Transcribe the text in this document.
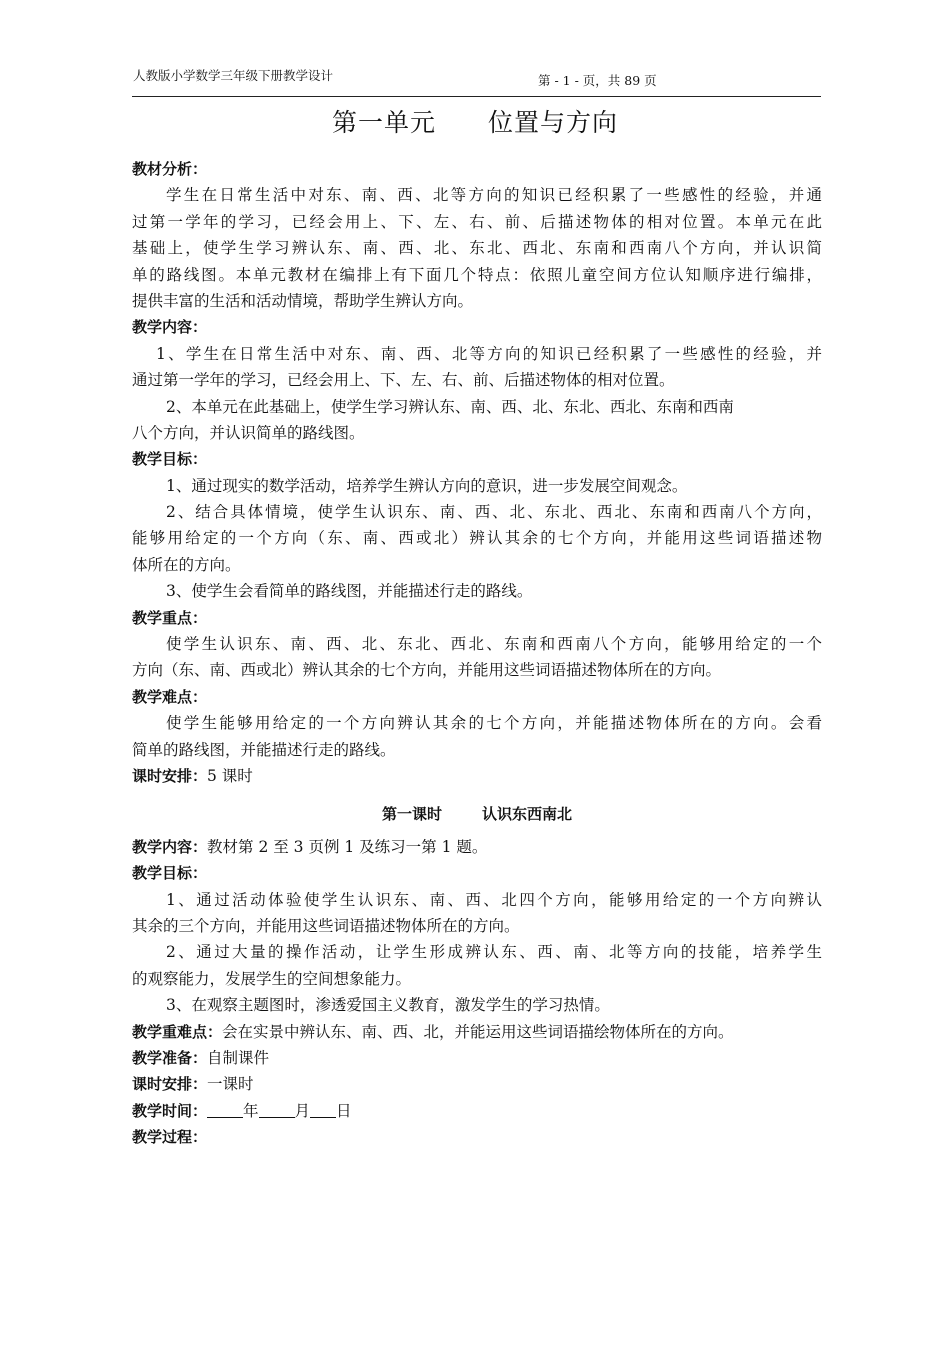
人教版小学数学三年级下册教学设计	第 - 1 - 页，共 89 页
第一单元 位置与方向
教材分析：
学生在日常生活中对东、南、西、北等方向的知识已经积累了一些感性的经验，并通
过第一学年的学习，已经会用上、下、左、右、前、后描述物体的相对位置。本单元在此
基础上，使学生学习辨认东、南、西、北、东北、西北、东南和西南八个方向，并认识简
单的路线图。本单元教材在编排上有下面几个特点：依照儿童空间方位认知顺序进行编排，
提供丰富的生活和活动情境，帮助学生辨认方向。
教学内容：
1、学生在日常生活中对东、南、西、北等方向的知识已经积累了一些感性的经验，并
通过第一学年的学习，已经会用上、下、左、右、前、后描述物体的相对位置。
2、本单元在此基础上，使学生学习辨认东、南、西、北、东北、西北、东南和西南
八个方向，并认识简单的路线图。
教学目标：
1、通过现实的数学活动，培养学生辨认方向的意识，进一步发展空间观念。
2、结合具体情境，使学生认识东、南、西、北、东北、西北、东南和西南八个方向，
能够用给定的一个方向（东、南、西或北）辨认其余的七个方向，并能用这些词语描述物
体所在的方向。
3、使学生会看简单的路线图，并能描述行走的路线。
教学重点：
使学生认识东、南、西、北、东北、西北、东南和西南八个方向，能够用给定的一个
方向（东、南、西或北）辨认其余的七个方向，并能用这些词语描述物体所在的方向。
教学难点：
使学生能够用给定的一个方向辨认其余的七个方向，并能描述物体所在的方向。会看
简单的路线图，并能描述行走的路线。
课时安排：5 课时
第一课时	认识东西南北
教学内容：教材第 2 至 3 页例 1 及练习一第 1 题。
教学目标：
1、通过活动体验使学生认识东、南、西、北四个方向，能够用给定的一个方向辨认
其余的三个方向，并能用这些词语描述物体所在的方向。
2、通过大量的操作活动，让学生形成辨认东、西、南、北等方向的技能，培养学生
的观察能力，发展学生的空间想象能力。
3、在观察主题图时，渗透爱国主义教育，激发学生的学习热情。
教学重难点：会在实景中辨认东、南、西、北，并能运用这些词语描绘物体所在的方向。
教学准备：自制课件
课时安排：一课时
教学时间： 年 月 日
教学过程：
